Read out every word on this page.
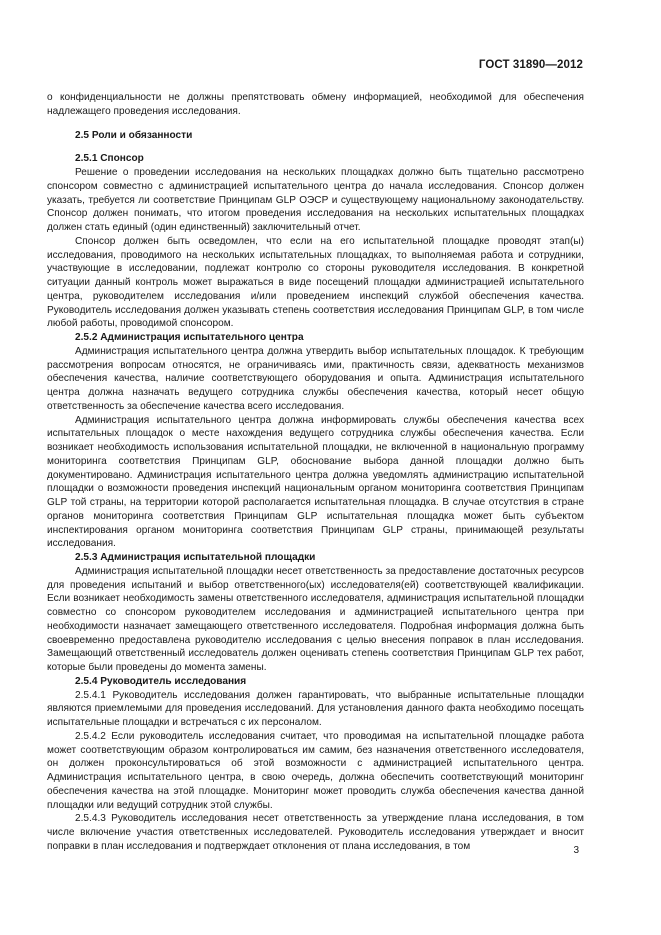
ГОСТ 31890—2012

о конфиденциальности не должны препятствовать обмену информацией, необходимой для обеспечения надлежащего проведения исследования.

2.5 Роли и обязанности

2.5.1 Спонсор

Решение о проведении исследования на нескольких площадках должно быть тщательно рассмотрено спонсором совместно с администрацией испытательного центра до начала исследования. Спонсор должен указать, требуется ли соответствие Принципам GLP ОЭСР и существующему национальному законодательству. Спонсор должен понимать, что итогом проведения исследования на нескольких испытательных площадках должен стать единый (один единственный) заключительный отчет.

Спонсор должен быть осведомлен, что если на его испытательной площадке проводят этап(ы) исследования, проводимого на нескольких испытательных площадках, то выполняемая работа и сотрудники, участвующие в исследовании, подлежат контролю со стороны руководителя исследования. В конкретной ситуации данный контроль может выражаться в виде посещений площадки администрацией испытательного центра, руководителем исследования и/или проведением инспекций службой обеспечения качества. Руководитель исследования должен указывать степень соответствия исследования Принципам GLP, в том числе любой работы, проводимой спонсором.

2.5.2 Администрация испытательного центра

Администрация испытательного центра должна утвердить выбор испытательных площадок. К требующим рассмотрения вопросам относятся, не ограничиваясь ими, практичность связи, адекватность механизмов обеспечения качества, наличие соответствующего оборудования и опыта. Администрация испытательного центра должна назначать ведущего сотрудника службы обеспечения качества, который несет общую ответственность за обеспечение качества всего исследования.

Администрация испытательного центра должна информировать службы обеспечения качества всех испытательных площадок о месте нахождения ведущего сотрудника службы обеспечения качества. Если возникает необходимость использования испытательной площадки, не включенной в национальную программу мониторинга соответствия Принципам GLP, обоснование выбора данной площадки должно быть документировано. Администрация испытательного центра должна уведомлять администрацию испытательной площадки о возможности проведения инспекций национальным органом мониторинга соответствия Принципам GLP той страны, на территории которой располагается испытательная площадка. В случае отсутствия в стране органов мониторинга соответствия Принципам GLP испытательная площадка может быть субъектом инспектирования органом мониторинга соответствия Принципам GLP страны, принимающей результаты исследования.

2.5.3 Администрация испытательной площадки

Администрация испытательной площадки несет ответственность за предоставление достаточных ресурсов для проведения испытаний и выбор ответственного(ых) исследователя(ей) соответствующей квалификации. Если возникает необходимость замены ответственного исследователя, администрация испытательной площадки совместно со спонсором руководителем исследования и администрацией испытательного центра при необходимости назначает замещающего ответственного исследователя. Подробная информация должна быть своевременно предоставлена руководителю исследования с целью внесения поправок в план исследования. Замещающий ответственный исследователь должен оценивать степень соответствия Принципам GLP тех работ, которые были проведены до момента замены.

2.5.4 Руководитель исследования

2.5.4.1 Руководитель исследования должен гарантировать, что выбранные испытательные площадки являются приемлемыми для проведения исследований. Для установления данного факта необходимо посещать испытательные площадки и встречаться с их персоналом.

2.5.4.2 Если руководитель исследования считает, что проводимая на испытательной площадке работа может соответствующим образом контролироваться им самим, без назначения ответственного исследователя, он должен проконсультироваться об этой возможности с администрацией испытательного центра. Администрация испытательного центра, в свою очередь, должна обеспечить соответствующий мониторинг обеспечения качества на этой площадке. Мониторинг может проводить служба обеспечения качества данной площадки или ведущий сотрудник этой службы.

2.5.4.3 Руководитель исследования несет ответственность за утверждение плана исследования, в том числе включение участия ответственных исследователей. Руководитель исследования утверждает и вносит поправки в план исследования и подтверждает отклонения от плана исследования, в том	3
